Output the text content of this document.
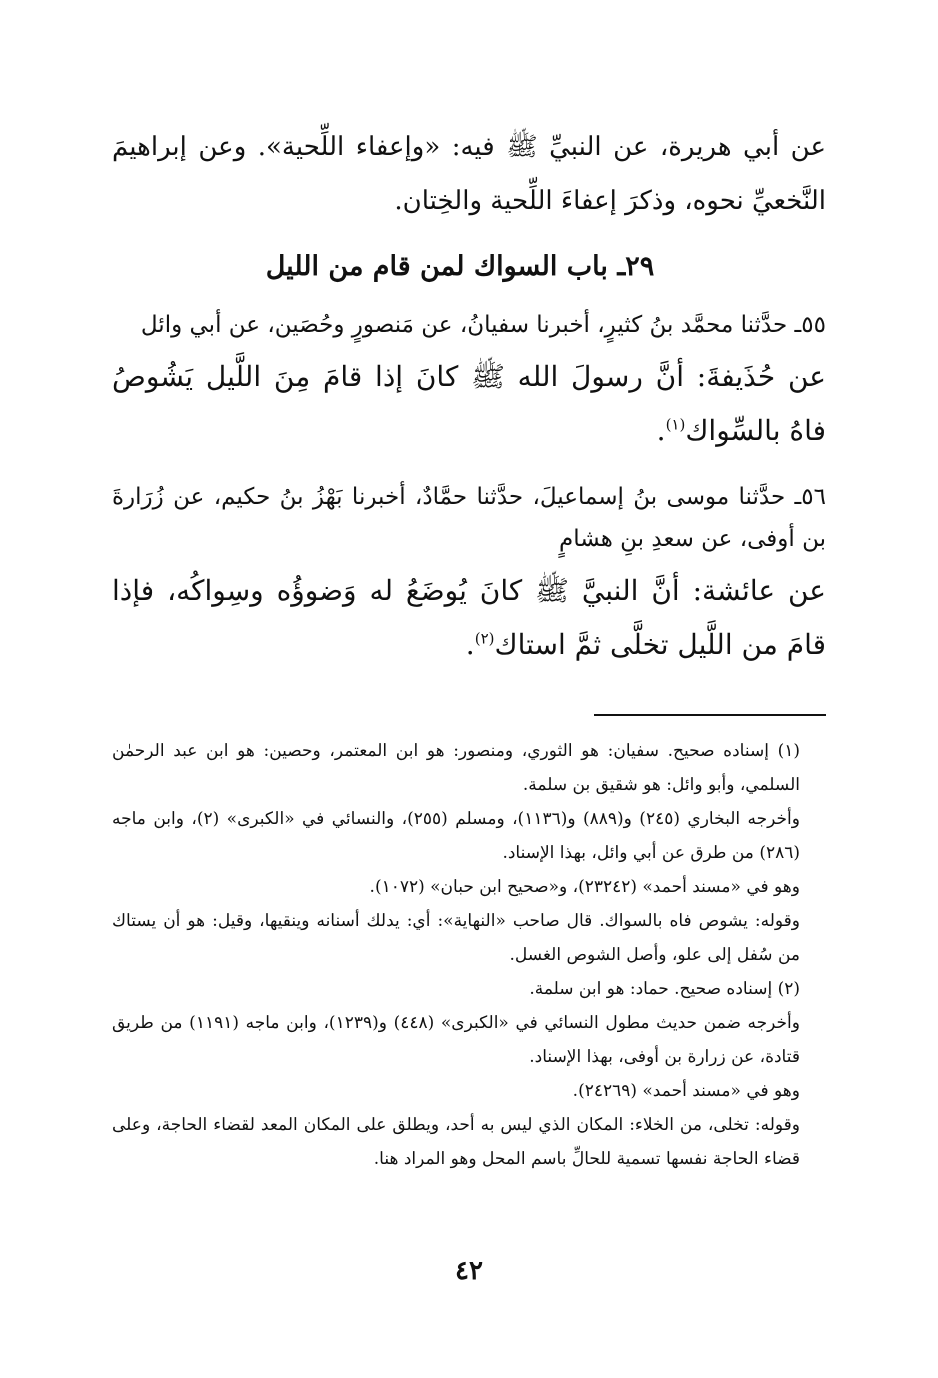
عن أبي هريرة، عن النبيِّ ﷺ فيه: «وإعفاء اللِّحية». وعن إبراهيمَ النَّخعيِّ نحوه، وذكرَ إعفاءَ اللِّحية والخِتان.

٢٩ـ باب السواك لمن قام من الليل

٥٥ـ حدَّثنا محمَّد بنُ كثيرٍ، أخبرنا سفيانُ، عن مَنصورٍ وحُصَين، عن أبي وائل

عن حُذَيفةَ: أنَّ رسولَ الله ﷺ كانَ إذا قامَ مِنَ اللَّيل يَشُوصُ فاهُ بالسِّواك$^{(١)}$.

٥٦ـ حدَّثنا موسى بنُ إسماعيلَ، حدَّثنا حمَّادٌ، أخبرنا بَهْزُ بنُ حكيم، عن زُرَارةَ بن أوفى، عن سعدِ بنِ هشامٍ

عن عائشة: أنَّ النبيَّ ﷺ كانَ يُوضَعُ له وَضوؤُه وسِواكُه، فإذا قامَ من اللَّيل تخلَّى ثمَّ استاك$^{(٢)}$.

(١) إسناده صحيح. سفيان: هو الثوري، ومنصور: هو ابن المعتمر، وحصين: هو ابن عبد الرحمٰن السلمي، وأبو وائل: هو شقيق بن سلمة.

وأخرجه البخاري (٢٤٥) و(٨٨٩) و(١١٣٦)، ومسلم (٢٥٥)، والنسائي في «الكبرى» (٢)، وابن ماجه (٢٨٦) من طرق عن أبي وائل، بهذا الإسناد.

وهو في «مسند أحمد» (٢٣٢٤٢)، و«صحيح ابن حبان» (١٠٧٢).

وقوله: يشوص فاه بالسواك. قال صاحب «النهاية»: أي: يدلك أسنانه وينقيها، وقيل: هو أن يستاك من سُفل إلى علو، وأصل الشوص الغسل.

(٢) إسناده صحيح. حماد: هو ابن سلمة.

وأخرجه ضمن حديث مطول النسائي في «الكبرى» (٤٤٨) و(١٢٣٩)، وابن ماجه (١١٩١) من طريق قتادة، عن زرارة بن أوفى، بهذا الإسناد.

وهو في «مسند أحمد» (٢٤٢٦٩).

وقوله: تخلى، من الخلاء: المكان الذي ليس به أحد، ويطلق على المكان المعد لقضاء الحاجة، وعلى قضاء الحاجة نفسها تسمية للحالِّ باسم المحل وهو المراد هنا.

٤٢
